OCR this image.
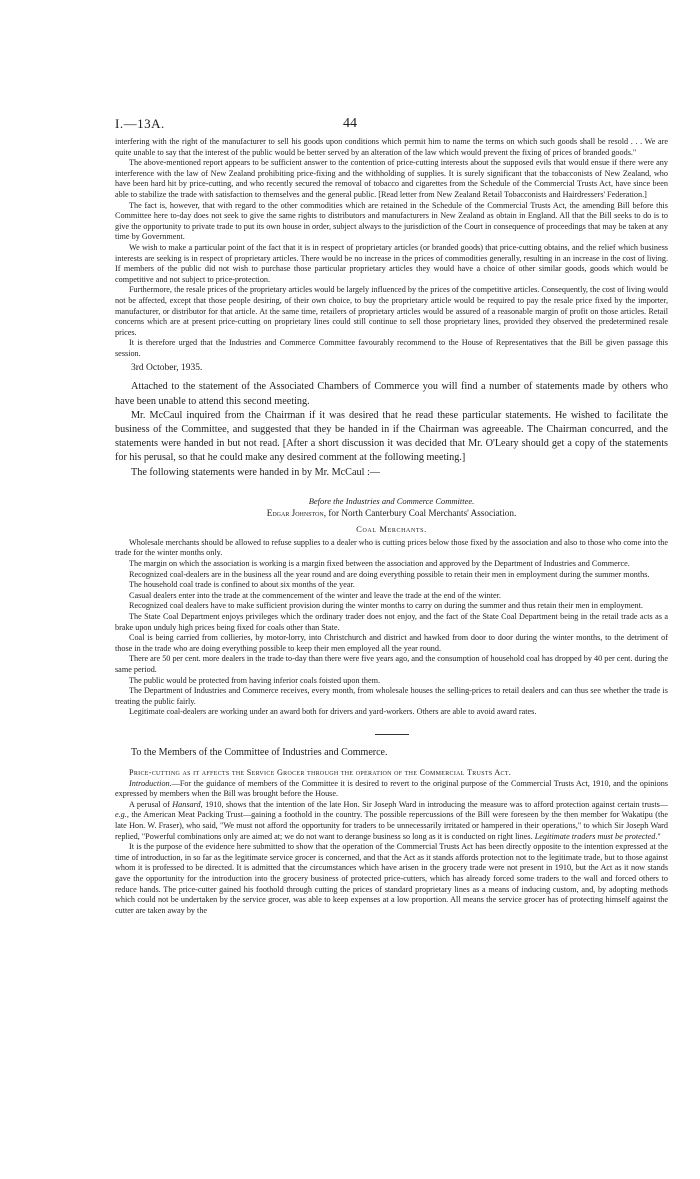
I.—13A.	44

interfering with the right of the manufacturer to sell his goods upon conditions which permit him to name the terms on which such goods shall be resold . . . We are quite unable to say that the interest of the public would be better served by an alteration of the law which would prevent the fixing of prices of branded goods."

The above-mentioned report appears to be sufficient answer to the contention of price-cutting interests about the supposed evils that would ensue if there were any interference with the law of New Zealand prohibiting price-fixing and the withholding of supplies. It is surely significant that the tobacconists of New Zealand, who have been hard hit by price-cutting, and who recently secured the removal of tobacco and cigarettes from the Schedule of the Commercial Trusts Act, have since been able to stabilize the trade with satisfaction to themselves and the general public. [Read letter from New Zealand Retail Tobacconists and Hairdressers' Federation.]

The fact is, however, that with regard to the other commodities which are retained in the Schedule of the Commercial Trusts Act, the amending Bill before this Committee here to-day does not seek to give the same rights to distributors and manufacturers in New Zealand as obtain in England. All that the Bill seeks to do is to give the opportunity to private trade to put its own house in order, subject always to the jurisdiction of the Court in consequence of proceedings that may be taken at any time by Government.

We wish to make a particular point of the fact that it is in respect of proprietary articles (or branded goods) that price-cutting obtains, and the relief which business interests are seeking is in respect of proprietary articles. There would be no increase in the prices of commodities generally, resulting in an increase in the cost of living. If members of the public did not wish to purchase those particular proprietary articles they would have a choice of other similar goods, goods which would be competitive and not subject to price-protection.

Furthermore, the resale prices of the proprietary articles would be largely influenced by the prices of the competitive articles. Consequently, the cost of living would not be affected, except that those people desiring, of their own choice, to buy the proprietary article would be required to pay the resale price fixed by the importer, manufacturer, or distributor for that article. At the same time, retailers of proprietary articles would be assured of a reasonable margin of profit on those articles. Retail concerns which are at present price-cutting on proprietary lines could still continue to sell those proprietary lines, provided they observed the predetermined resale prices.

It is therefore urged that the Industries and Commerce Committee favourably recommend to the House of Representatives that the Bill be given passage this session.

3rd October, 1935.

Attached to the statement of the Associated Chambers of Commerce you will find a number of statements made by others who have been unable to attend this second meeting.

Mr. McCaul inquired from the Chairman if it was desired that he read these particular statements. He wished to facilitate the business of the Committee, and suggested that they be handed in if the Chairman was agreeable. The Chairman concurred, and the statements were handed in but not read. [After a short discussion it was decided that Mr. O'Leary should get a copy of the statements for his perusal, so that he could make any desired comment at the following meeting.]

The following statements were handed in by Mr. McCaul :—

Before the Industries and Commerce Committee.
Edgar Johnston, for North Canterbury Coal Merchants' Association.
Coal Merchants.

Wholesale merchants should be allowed to refuse supplies to a dealer who is cutting prices below those fixed by the association and also to those who come into the trade for the winter months only.

The margin on which the association is working is a margin fixed between the association and approved by the Department of Industries and Commerce.

Recognized coal-dealers are in the business all the year round and are doing everything possible to retain their men in employment during the summer months.

The household coal trade is confined to about six months of the year.

Casual dealers enter into the trade at the commencement of the winter and leave the trade at the end of the winter.

Recognized coal dealers have to make sufficient provision during the winter months to carry on during the summer and thus retain their men in employment.

The State Coal Department enjoys privileges which the ordinary trader does not enjoy, and the fact of the State Coal Department being in the retail trade acts as a brake upon unduly high prices being fixed for coals other than State.

Coal is being carried from collieries, by motor-lorry, into Christchurch and district and hawked from door to door during the winter months, to the detriment of those in the trade who are doing everything possible to keep their men employed all the year round.

There are 50 per cent. more dealers in the trade to-day than there were five years ago, and the consumption of household coal has dropped by 40 per cent. during the same period.

The public would be protected from having inferior coals foisted upon them.

The Department of Industries and Commerce receives, every month, from wholesale houses the selling-prices to retail dealers and can thus see whether the trade is treating the public fairly.

Legitimate coal-dealers are working under an award both for drivers and yard-workers. Others are able to avoid award rates.

To the Members of the Committee of Industries and Commerce.

Price-cutting as it affects the Service Grocer through the operation of the Commercial Trusts Act.

Introduction.—For the guidance of members of the Committee it is desired to revert to the original purpose of the Commercial Trusts Act, 1910, and the opinions expressed by members when the Bill was brought before the House.

A perusal of Hansard, 1910, shows that the intention of the late Hon. Sir Joseph Ward in introducing the measure was to afford protection against certain trusts—e.g., the American Meat Packing Trust—gaining a foothold in the country. The possible repercussions of the Bill were foreseen by the then member for Wakatipu (the late Hon. W. Fraser), who said, "We must not afford the opportunity for traders to be unnecessarily irritated or hampered in their operations," to which Sir Joseph Ward replied, "Powerful combinations only are aimed at; we do not want to derange business so long as it is conducted on right lines. Legitimate traders must be protected."

It is the purpose of the evidence here submitted to show that the operation of the Commercial Trusts Act has been directly opposite to the intention expressed at the time of introduction, in so far as the legitimate service grocer is concerned, and that the Act as it stands affords protection not to the legitimate trade, but to those against whom it is professed to be directed. It is admitted that the circumstances which have arisen in the grocery trade were not present in 1910, but the Act as it now stands gave the opportunity for the introduction into the grocery business of protected price-cutters, which has already forced some traders to the wall and forced others to reduce hands. The price-cutter gained his foothold through cutting the prices of standard proprietary lines as a means of inducing custom, and, by adopting methods which could not be undertaken by the service grocer, was able to keep expenses at a low proportion. All means the service grocer has of protecting himself against the cutter are taken away by the
